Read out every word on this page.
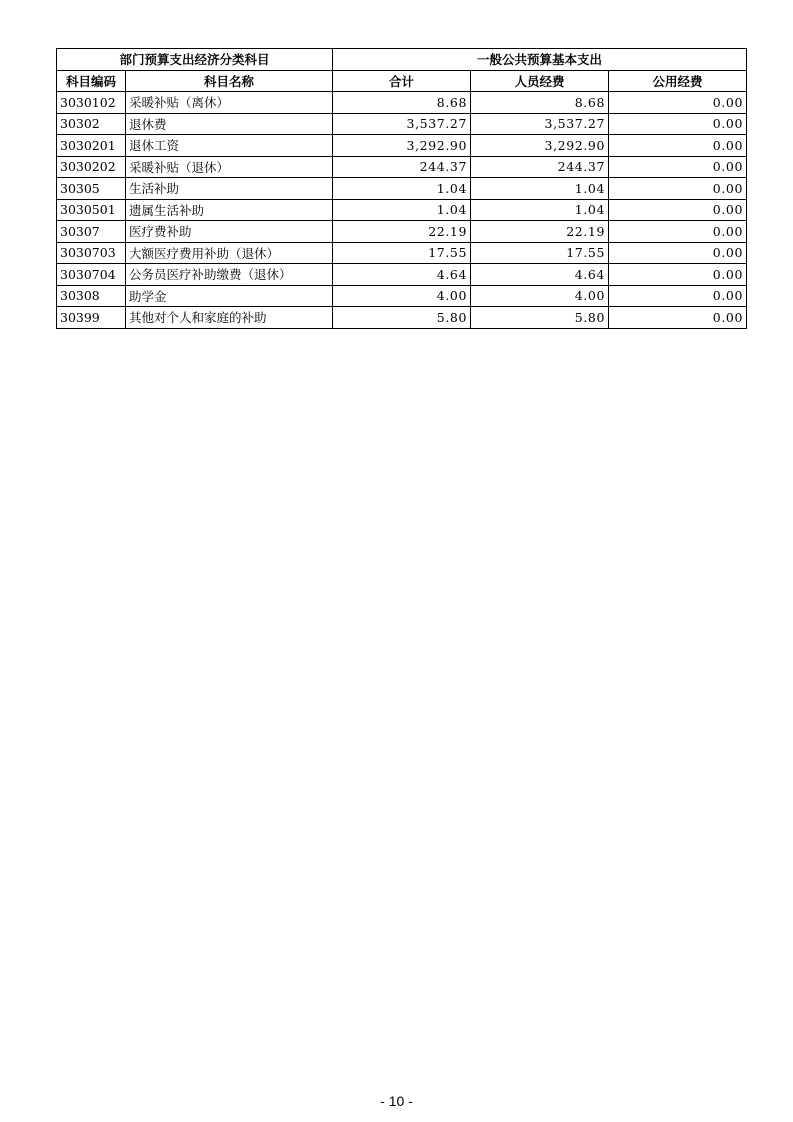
部门预算支出经济分类科目		一般公共预算基本支出		
科目编码	科目名称	合计	人员经费	公用经费
3030102	采暖补贴（离休）	8.68	8.68	0.00
30302	退休费	3,537.27	3,537.27	0.00
3030201	退休工资	3,292.90	3,292.90	0.00
3030202	采暖补贴（退休）	244.37	244.37	0.00
30305	生活补助	1.04	1.04	0.00
3030501	遗属生活补助	1.04	1.04	0.00
30307	医疗费补助	22.19	22.19	0.00
3030703	大额医疗费用补助（退休）	17.55	17.55	0.00
3030704	公务员医疗补助缴费（退休）	4.64	4.64	0.00
30308	助学金	4.00	4.00	0.00
30399	其他对个人和家庭的补助	5.80	5.80	0.00
- 10 -
